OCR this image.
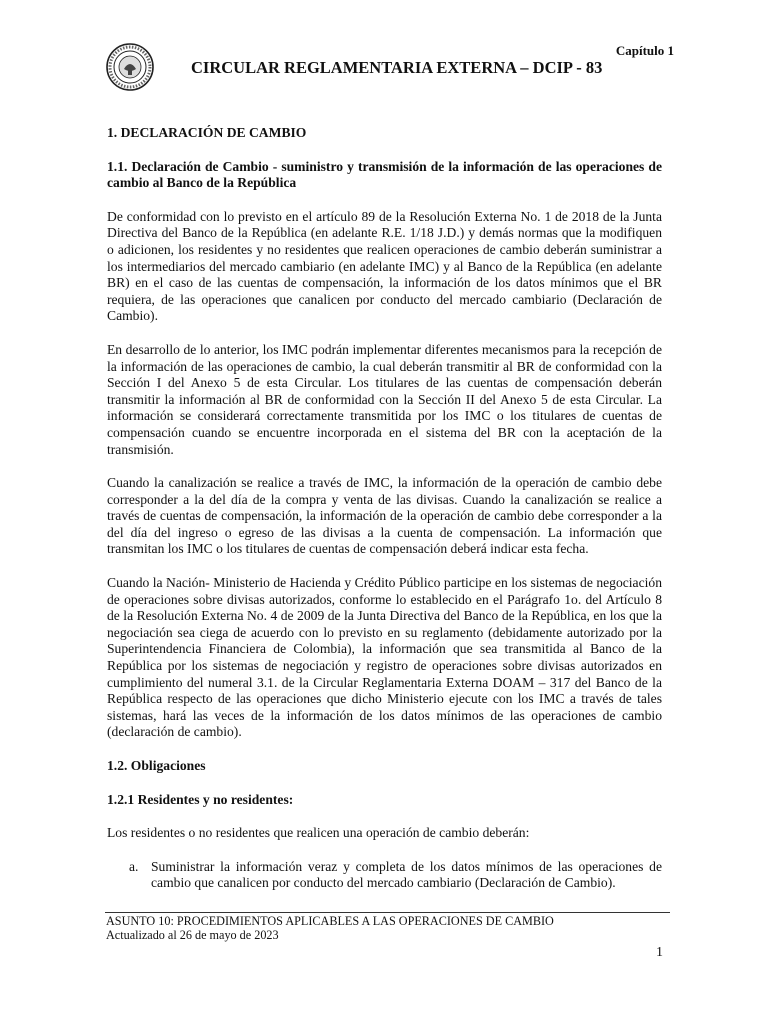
Capítulo 1
CIRCULAR REGLAMENTARIA EXTERNA – DCIP - 83

1. DECLARACIÓN DE CAMBIO

1.1. Declaración de Cambio - suministro y transmisión de la información de las operaciones de cambio al Banco de la República

De conformidad con lo previsto en el artículo 89 de la Resolución Externa No. 1 de 2018 de la Junta Directiva del Banco de la República (en adelante R.E. 1/18 J.D.) y demás normas que la modifiquen o adicionen, los residentes y no residentes que realicen operaciones de cambio deberán suministrar a los intermediarios del mercado cambiario (en adelante IMC) y al Banco de la República (en adelante BR) en el caso de las cuentas de compensación, la información de los datos mínimos que el BR requiera, de las operaciones que canalicen por conducto del mercado cambiario (Declaración de Cambio).

En desarrollo de lo anterior, los IMC podrán implementar diferentes mecanismos para la recepción de la información de las operaciones de cambio, la cual deberán transmitir al BR de conformidad con la Sección I del Anexo 5 de esta Circular. Los titulares de las cuentas de compensación deberán transmitir la información al BR de conformidad con la Sección II del Anexo 5 de esta Circular. La información se considerará correctamente transmitida por los IMC o los titulares de cuentas de compensación cuando se encuentre incorporada en el sistema del BR con la aceptación de la transmisión.

Cuando la canalización se realice a través de IMC, la información de la operación de cambio debe corresponder a la del día de la compra y venta de las divisas. Cuando la canalización se realice a través de cuentas de compensación, la información de la operación de cambio debe corresponder a la del día del ingreso o egreso de las divisas a la cuenta de compensación. La información que transmitan los IMC o los titulares de cuentas de compensación deberá indicar esta fecha.

Cuando la Nación- Ministerio de Hacienda y Crédito Público participe en los sistemas de negociación de operaciones sobre divisas autorizados, conforme lo establecido en el Parágrafo 1o. del Artículo 8 de la Resolución Externa No. 4 de 2009 de la Junta Directiva del Banco de la República, en los que la negociación sea ciega de acuerdo con lo previsto en su reglamento (debidamente autorizado por la Superintendencia Financiera de Colombia), la información que sea transmitida al Banco de la República por los sistemas de negociación y registro de operaciones sobre divisas autorizados en cumplimiento del numeral 3.1. de la Circular Reglamentaria Externa DOAM – 317 del Banco de la República respecto de las operaciones que dicho Ministerio ejecute con los IMC a través de tales sistemas, hará las veces de la información de los datos mínimos de las operaciones de cambio (declaración de cambio).

1.2. Obligaciones

1.2.1 Residentes y no residentes:

Los residentes o no residentes que realicen una operación de cambio deberán:

a. Suministrar la información veraz y completa de los datos mínimos de las operaciones de cambio que canalicen por conducto del mercado cambiario (Declaración de Cambio).
ASUNTO 10: PROCEDIMIENTOS APLICABLES A LAS OPERACIONES DE CAMBIO
Actualizado al 26 de mayo de 2023
1
